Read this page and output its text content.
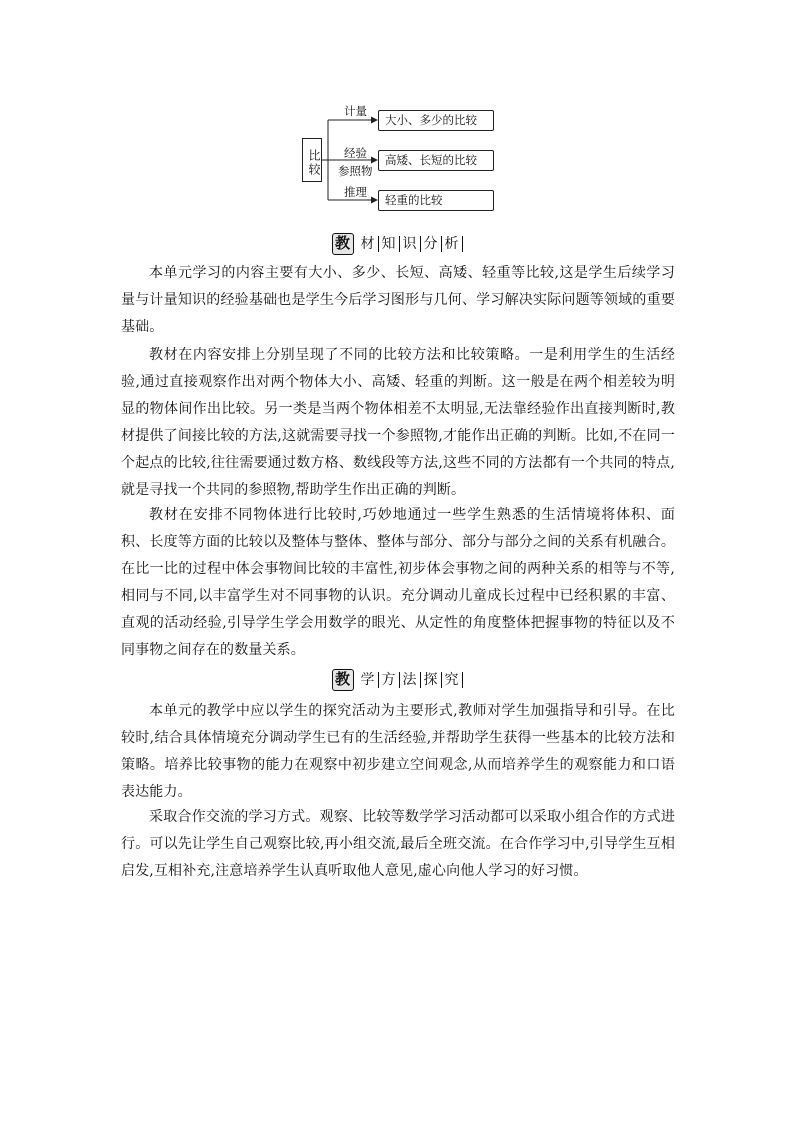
比较
计量
大小、多少的比较
经验
参照物
高矮、长短的比较
推理
轻重的比较
教 材 知 识 分 析

本单元学习的内容主要有大小、多少、长短、高矮、轻重等比较,这是学生后续学习量与计量知识的经验基础也是学生今后学习图形与几何、学习解决实际问题等领域的重要基础。

教材在内容安排上分别呈现了不同的比较方法和比较策略。一是利用学生的生活经验,通过直接观察作出对两个物体大小、高矮、轻重的判断。这一般是在两个相差较为明显的物体间作出比较。另一类是当两个物体相差不太明显,无法靠经验作出直接判断时,教材提供了间接比较的方法,这就需要寻找一个参照物,才能作出正确的判断。比如,不在同一个起点的比较,往往需要通过数方格、数线段等方法,这些不同的方法都有一个共同的特点,就是寻找一个共同的参照物,帮助学生作出正确的判断。

教材在安排不同物体进行比较时,巧妙地通过一些学生熟悉的生活情境将体积、面积、长度等方面的比较以及整体与整体、整体与部分、部分与部分之间的关系有机融合。在比一比的过程中体会事物间比较的丰富性,初步体会事物之间的两种关系的相等与不等,相同与不同,以丰富学生对不同事物的认识。充分调动儿童成长过程中已经积累的丰富、直观的活动经验,引导学生学会用数学的眼光、从定性的角度整体把握事物的特征以及不同事物之间存在的数量关系。

教 学 方 法 探 究

本单元的教学中应以学生的探究活动为主要形式,教师对学生加强指导和引导。在比较时,结合具体情境充分调动学生已有的生活经验,并帮助学生获得一些基本的比较方法和策略。培养比较事物的能力在观察中初步建立空间观念,从而培养学生的观察能力和口语表达能力。

采取合作交流的学习方式。观察、比较等数学学习活动都可以采取小组合作的方式进行。可以先让学生自己观察比较,再小组交流,最后全班交流。在合作学习中,引导学生互相启发,互相补充,注意培养学生认真听取他人意见,虚心向他人学习的好习惯。
